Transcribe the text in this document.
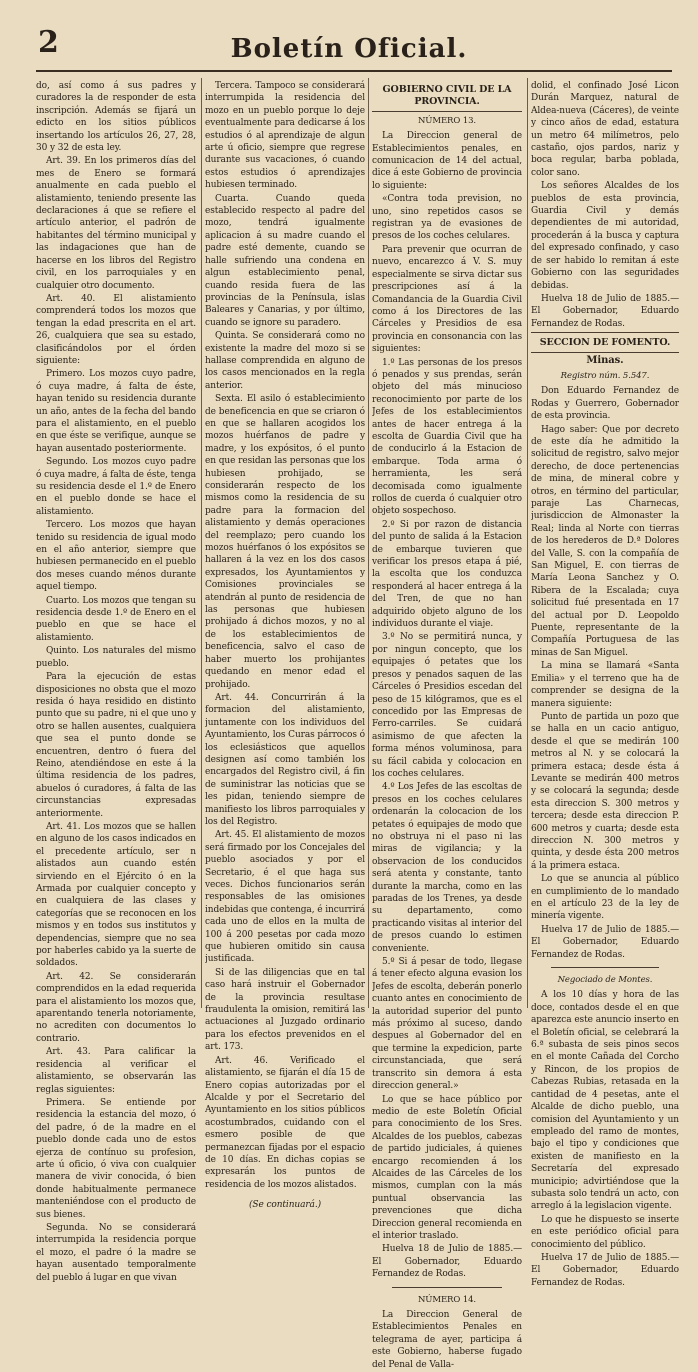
2	Boletín Oficial.

do, así como á sus padres y curadores la de responder de esta inscripción. Además se fijará un edicto en los sitios públicos insertando los artículos 26, 27, 28, 30 y 32 de esta ley.

Art. 39. En los primeros días del mes de Enero se formará anualmente en cada pueblo el alistamiento, teniendo presente las declaraciones á que se refiere el artículo anterior, el padrón de habitantes del término municipal y las indagaciones que han de hacerse en los libros del Registro civil, en los parroquiales y en cualquier otro documento.

Art. 40. El alistamiento comprenderá todos los mozos que tengan la edad prescrita en el art. 26, cualquiera que sea su estado, clasificándolos por el órden siguiente:

Primero. Los mozos cuyo padre, ó cuya madre, á falta de éste, hayan tenido su residencia durante un año, antes de la fecha del bando para el alistamiento, en el pueblo en que éste se verifique, aunque se hayan ausentado posteriormente.

Segundo. Los mozos cuyo padre ó cuya madre, á falta de éste, tenga su residencia desde el 1.º de Enero en el pueblo donde se hace el alistamiento.

Tercero. Los mozos que hayan tenido su residencia de igual modo en el año anterior, siempre que hubiesen permanecido en el pueblo dos meses cuando ménos durante aquel tiempo.

Cuarto. Los mozos que tengan su residencia desde 1.º de Enero en el pueblo en que se hace el alistamiento.

Quinto. Los naturales del mismo pueblo.

Para la ejecución de estas disposiciones no obsta que el mozo resida ó haya residido en distinto punto que su padre, ni el que uno y otro se hallen ausentes, cualquiera que sea el punto donde se encuentren, dentro ó fuera del Reino, atendiéndose en este á la última residencia de los padres, abuelos ó curadores, á falta de las circunstancias expresadas anteriormente.

Art. 41. Los mozos que se hallen en alguno de los casos indicados en el precedente artículo, ser n alistados aun cuando estén sirviendo en el Ejército ó en la Armada por cualquier concepto y en cualquiera de las clases y categorías que se reconocen en los mismos y en todos sus institutos y dependencias, siempre que no sea por haberles cabido ya la suerte de soldados.

Art. 42. Se considerarán comprendidos en la edad requerida para el alistamiento los mozos que, aparentando tenerla notoriamente, no acrediten con documentos lo contrario.

Art. 43. Para calificar la residencia al verificar el alistamiento, se observarán las reglas siguientes:

Primera. Se entiende por residencia la estancia del mozo, ó del padre, ó de la madre en el pueblo donde cada uno de estos ejerza de contínuo su profesion, arte ú oficio, ó viva con cualquier manera de vivir conocida, ó bien donde habitualmente permanece manteniéndose con el producto de sus bienes.

Segunda. No se considerará interrumpida la residencia porque el mozo, el padre ó la madre se hayan ausentado temporalmente del pueblo á lugar en que vivan

Tercera. Tampoco se considerará interrumpida la residencia del mozo en un pueblo porque lo deje eventualmente para dedicarse á los estudios ó al aprendizaje de algun arte ú oficio, siempre que regrese durante sus vacaciones, ó cuando estos estudios ó aprendizajes hubiesen terminado.

Cuarta. Cuando queda establecido respecto al padre del mozo, tendrá igualmente aplicacion á su madre cuando el padre esté demente, cuando se halle sufriendo una condena en algun establecimiento penal, cuando resida fuera de las provincias de la Península, islas Baleares y Canarias, y por último, cuando se ignore su paradero.

Quinta. Se considerará como no existente la madre del mozo si se hallase comprendida en alguno de los casos mencionados en la regla anterior.

Sexta. El asilo ó establecimiento de beneficencia en que se criaron ó en que se hallaren acogidos los mozos huérfanos de padre y madre, y los expósitos, ó el punto en que residan las personas que los hubiesen prohijado, se considerarán respecto de los mismos como la residencia de su padre para la formacion del alistamiento y demás operaciones del reemplazo; pero cuando los mozos huérfanos ó los expósitos se hallaren á la vez en los dos casos expresados, los Ayuntamientos y Comisiones provinciales se atendrán al punto de residencia de las personas que hubiesen prohijado á dichos mozos, y no al de los establecimientos de beneficencia, salvo el caso de haber muerto los prohijantes quedando en menor edad el prohijado.

Art. 44. Concurrirán á la formacion del alistamiento, juntamente con los individuos del Ayuntamiento, los Curas párrocos ó los eclesiásticos que aquellos designen así como también los encargados del Registro civil, á fin de suministrar las noticias que se les pidan, teniendo siempre de manifiesto los libros parroquiales y los del Registro.

Art. 45. El alistamiento de mozos será firmado por los Concejales del pueblo asociados y por el Secretario, é el que haga sus veces. Dichos funcionarios serán responsables de las omisiones indebidas que contenga, é incurrirá cada uno de ellos en la multa de 100 á 200 pesetas por cada mozo que hubieren omitido sin causa justificada.

Si de las diligencias que en tal caso hará instruir el Gobernador de la provincia resultase fraudulenta la omision, remitirá las actuaciones al Juzgado ordinario para los efectos prevenidos en el art. 173.

Art. 46. Verificado el alistamiento, se fijarán el día 15 de Enero copias autorizadas por el Alcalde y por el Secretario del Ayuntamiento en los sitios públicos acostumbrados, cuidando con el esmero posible de que permanezcan fijadas por el espacio de 10 días. En dichas copias se expresarán los puntos de residencia de los mozos alistados.

(Se continuará.)

GOBIERNO CIVIL DE LA PROVINCIA.

NÚMERO 13.

La Direccion general de Establecimientos penales, en comunicacion de 14 del actual, dice á este Gobierno de provincia lo siguiente:

«Contra toda prevision, no uno, sino repetidos casos se registran ya de evasiones de presos de los coches celulares.

Para prevenir que ocurran de nuevo, encarezco á V. S. muy especialmente se sirva dictar sus prescripciones así á la Comandancia de la Guardia Civil como á los Directores de las Cárceles y Presidios de esa provincia en consonancia con las siguientes:

1.º Las personas de los presos ó penados y sus prendas, serán objeto del más minucioso reconocimiento por parte de los Jefes de los establecimientos antes de hacer entrega á la escolta de Guardia Civil que ha de conducirlo á la Estacion de embarque. Toda arma ó herramienta, les será decomisada como igualmente rollos de cuerda ó cualquier otro objeto sospechoso.

2.º Si por razon de distancia del punto de salida á la Estacion de embarque tuvieren que verificar los presos etapa á pié, la escolta que los conduzca responderá al hacer entrega á la del Tren, de que no han adquirido objeto alguno de los individuos durante el viaje.

3.º No se permitirá nunca, y por ningun concepto, que los equipajes ó petates que los presos y penados saquen de las Cárceles ó Presidios escedan del peso de 15 kilógramos, que es el concedido por las Empresas de Ferro-carriles. Se cuidará asimismo de que afecten la forma ménos voluminosa, para su fácil cabida y colocacion en los coches celulares.

4.º Los Jefes de las escoltas de presos en los coches celulares ordenarán la colocacion de los petates ó equipajes de modo que no obstruya ni el paso ni las miras de vigilancia; y la observacion de los conducidos será atenta y constante, tanto durante la marcha, como en las paradas de los Trenes, ya desde su departamento, como practicando visitas al interior del de presos cuando lo estimen conveniente.

5.º Si á pesar de todo, llegase á tener efecto alguna evasion los Jefes de escolta, deberán ponerlo cuanto antes en conocimiento de la autoridad superior del punto más próximo al suceso, dando despues al Gobernador del en que termine la expedicion, parte circunstanciada, que será transcrito sin demora á esta direccion general.»

Lo que se hace público por medio de este Boletín Oficial para conocimiento de los Sres. Alcaldes de los pueblos, cabezas de partido judiciales, á quienes encargo recomienden á los Alcaides de las Cárceles de los mismos, cumplan con la más puntual observancia las prevenciones que dicha Direccion general recomienda en el interior traslado.

Huelva 18 de Julio de 1885.—El Gobernador, Eduardo Fernandez de Rodas.

NÚMERO 14.

La Direccion General de Establecimientos Penales en telegrama de ayer, participa á este Gobierno, haberse fugado del Penal de Valla-

dolid, el confinado José Licon Durán Marquez, natural de Aldea-nueva (Cáceres), de veinte y cinco años de edad, estatura un metro 64 milímetros, pelo castaño, ojos pardos, nariz y boca regular, barba poblada, color sano.

Los señores Alcaldes de los pueblos de esta provincia, Guardia Civil y demás dependientes de mi autoridad, procederán á la busca y captura del expresado confinado, y caso de ser habido lo remitan á este Gobierno con las seguridades debidas.

Huelva 18 de Julio de 1885.—El Gobernador, Eduardo Fernandez de Rodas.

SECCION DE FOMENTO.

Minas.

Registro núm. 5.547.

Don Eduardo Fernandez de Rodas y Guerrero, Gobernador de esta provincia.

Hago saber: Que por decreto de este día he admitido la solicitud de registro, salvo mejor derecho, de doce pertenencias de mina, de mineral cobre y otros, en término del particular, paraje Las Charnecas, jurisdiccion de Almonaster la Real; linda al Norte con tierras de los herederos de D.ª Dolores del Valle, S. con la compañía de San Miguel, E. con tierras de María Leona Sanchez y O. Ribera de la Escalada; cuya solicitud fué presentada en 17 del actual por D. Leopoldo Puente, representante de la Compañía Portuguesa de las minas de San Miguel.

La mina se llamará «Santa Emilia» y el terreno que ha de comprender se designa de la manera siguiente:

Punto de partida un pozo que se halla en un cacio antiguo, desde el que se medirán 100 metros al N. y se colocará la primera estaca; desde ésta á Levante se medirán 400 metros y se colocará la segunda; desde esta direccion S. 300 metros y tercera; desde esta direccion P. 600 metros y cuarta; desde esta direccion N. 300 metros y quinta, y desde ésta 200 metros á la primera estaca.

Lo que se anuncia al público en cumplimiento de lo mandado en el artículo 23 de la ley de minería vigente.

Huelva 17 de Julio de 1885.—El Gobernador, Eduardo Fernandez de Rodas.

Negociado de Montes.

A los 10 días y hora de las doce, contados desde el en que aparezca este anuncio inserto en el Boletín oficial, se celebrará la 6.ª subasta de seis pinos secos en el monte Cañada del Corcho y Rincon, de los propios de Cabezas Rubias, retasada en la cantidad de 4 pesetas, ante el Alcalde de dicho pueblo, una comision del Ayuntamiento y un empleado del ramo de montes, bajo el tipo y condiciones que existen de manifiesto en la Secretaría del expresado municipio; advirtiéndose que la subasta solo tendrá un acto, con arreglo á la legislacion vigente.

Lo que he dispuesto se inserte en este periódico oficial para conocimiento del público.

Huelva 17 de Julio de 1885.—El Gobernador, Eduardo Fernandez de Rodas.
